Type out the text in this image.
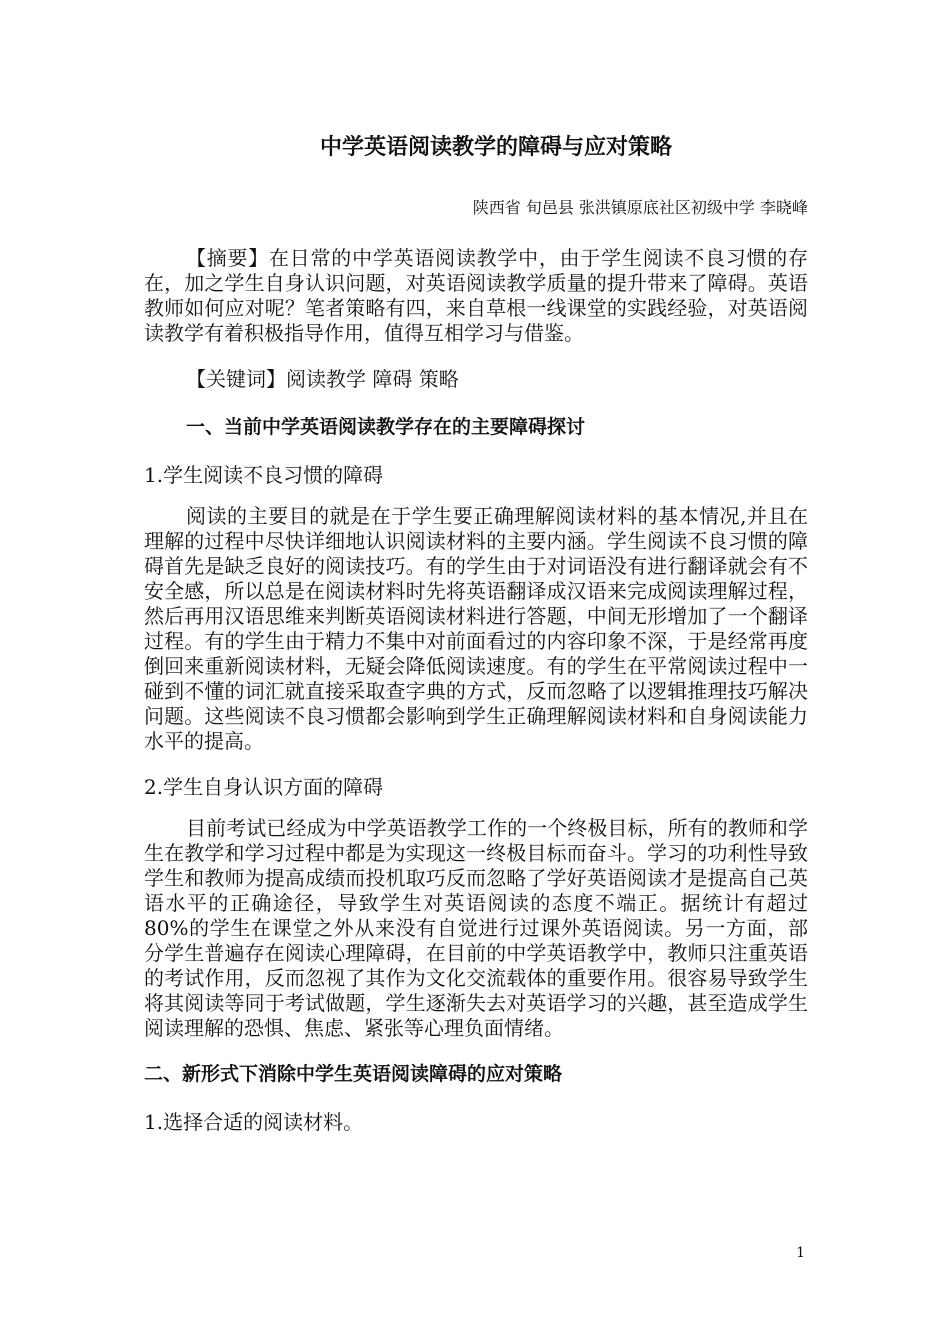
中学英语阅读教学的障碍与应对策略
陕西省 旬邑县 张洪镇原底社区初级中学 李晓峰

【摘要】在日常的中学英语阅读教学中，由于学生阅读不良习惯的存在，加之学生自身认识问题，对英语阅读教学质量的提升带来了障碍。英语教师如何应对呢？笔者策略有四，来自草根一线课堂的实践经验，对英语阅读教学有着积极指导作用，值得互相学习与借鉴。

【关键词】阅读教学 障碍 策略

一、当前中学英语阅读教学存在的主要障碍探讨

1.学生阅读不良习惯的障碍

阅读的主要目的就是在于学生要正确理解阅读材料的基本情况,并且在理解的过程中尽快详细地认识阅读材料的主要内涵。学生阅读不良习惯的障碍首先是缺乏良好的阅读技巧。有的学生由于对词语没有进行翻译就会有不安全感，所以总是在阅读材料时先将英语翻译成汉语来完成阅读理解过程，然后再用汉语思维来判断英语阅读材料进行答题，中间无形增加了一个翻译过程。有的学生由于精力不集中对前面看过的内容印象不深，于是经常再度倒回来重新阅读材料，无疑会降低阅读速度。有的学生在平常阅读过程中一碰到不懂的词汇就直接采取查字典的方式，反而忽略了以逻辑推理技巧解决问题。这些阅读不良习惯都会影响到学生正确理解阅读材料和自身阅读能力水平的提高。

2.学生自身认识方面的障碍

目前考试已经成为中学英语教学工作的一个终极目标，所有的教师和学生在教学和学习过程中都是为实现这一终极目标而奋斗。学习的功利性导致学生和教师为提高成绩而投机取巧反而忽略了学好英语阅读才是提高自己英语水平的正确途径，导致学生对英语阅读的态度不端正。据统计有超过80%的学生在课堂之外从来没有自觉进行过课外英语阅读。另一方面，部分学生普遍存在阅读心理障碍，在目前的中学英语教学中，教师只注重英语的考试作用，反而忽视了其作为文化交流载体的重要作用。很容易导致学生将其阅读等同于考试做题，学生逐渐失去对英语学习的兴趣，甚至造成学生阅读理解的恐惧、焦虑、紧张等心理负面情绪。

二、新形式下消除中学生英语阅读障碍的应对策略

1.选择合适的阅读材料。

1
